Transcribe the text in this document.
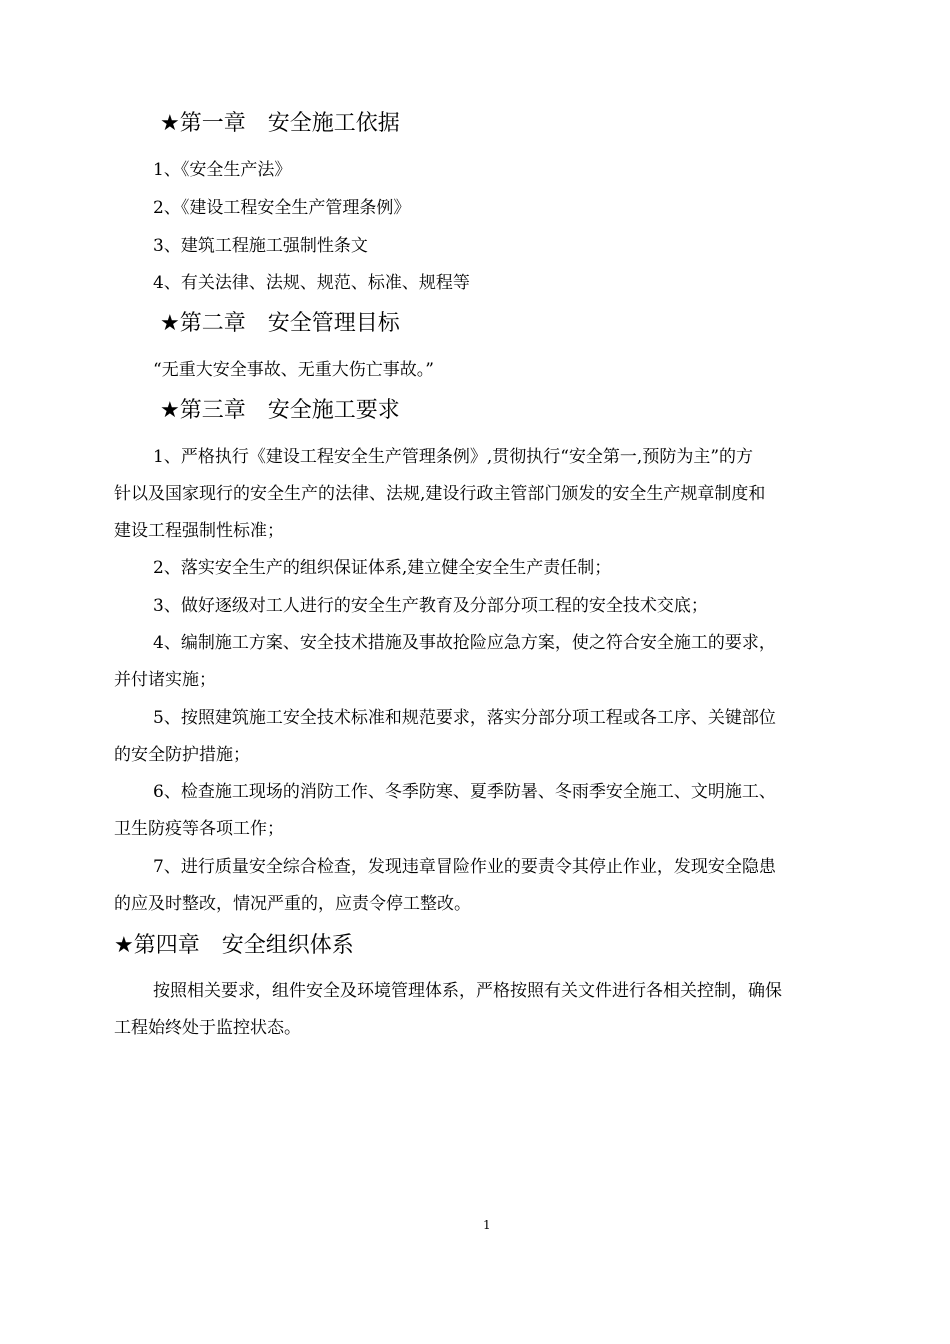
★第一章　安全施工依据
1、《安全生产法》
2、《建设工程安全生产管理条例》
3、建筑工程施工强制性条文
4、有关法律、法规、规范、标准、规程等
★第二章　安全管理目标
“无重大安全事故、无重大伤亡事故。”
★第三章　安全施工要求
1、严格执行《建设工程安全生产管理条例》,贯彻执行“安全第一,预防为主”的方
针以及国家现行的安全生产的法律、法规,建设行政主管部门颁发的安全生产规章制度和
建设工程强制性标准；
2、落实安全生产的组织保证体系,建立健全安全生产责任制；
3、做好逐级对工人进行的安全生产教育及分部分项工程的安全技术交底；
4、编制施工方案、安全技术措施及事故抢险应急方案，使之符合安全施工的要求，
并付诸实施；
5、按照建筑施工安全技术标准和规范要求，落实分部分项工程或各工序、关键部位
的安全防护措施；
6、检查施工现场的消防工作、冬季防寒、夏季防暑、冬雨季安全施工、文明施工、
卫生防疫等各项工作；
7、进行质量安全综合检查，发现违章冒险作业的要责令其停止作业，发现安全隐患
的应及时整改，情况严重的，应责令停工整改。
★第四章　安全组织体系
按照相关要求，组件安全及环境管理体系，严格按照有关文件进行各相关控制，确保
工程始终处于监控状态。
1
